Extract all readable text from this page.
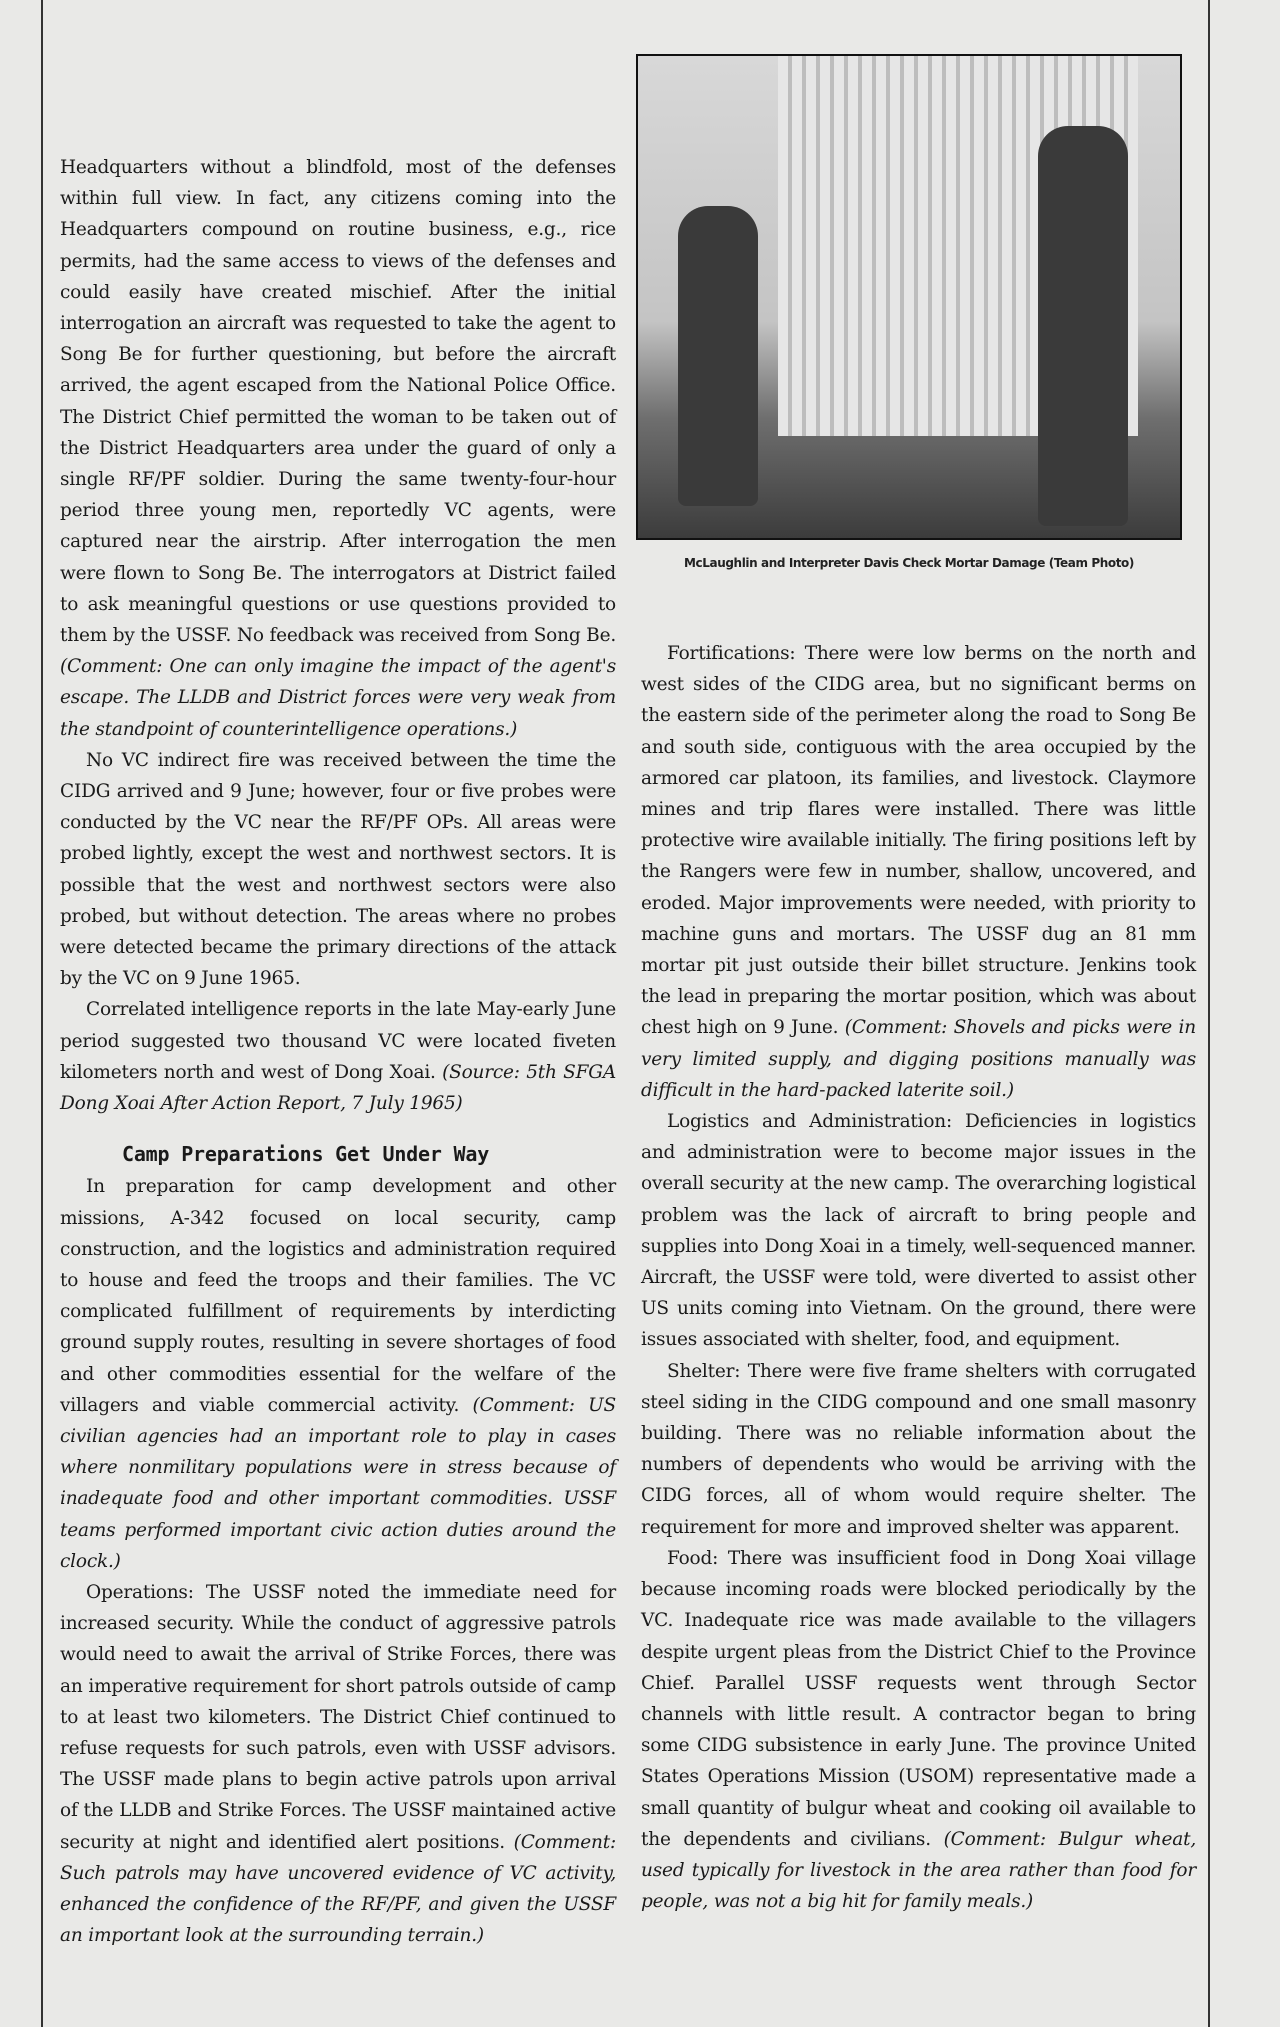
McLaughlin and Interpreter Davis Check Mortar Damage (Team Photo)

Headquarters without a blindfold, most of the defenses within full view. In fact, any citizens coming into the Headquarters compound on routine business, e.g., rice permits, had the same access to views of the defenses and could easily have created mischief. After the initial interrogation an aircraft was requested to take the agent to Song Be for further questioning, but before the aircraft arrived, the agent escaped from the National Police Office. The District Chief permitted the woman to be taken out of the District Headquarters area under the guard of only a single RF/PF soldier. During the same twenty-four-hour period three young men, reportedly VC agents, were captured near the airstrip. After interrogation the men were flown to Song Be. The interrogators at District failed to ask meaningful questions or use questions provided to them by the USSF. No feedback was received from Song Be. (Comment: One can only imagine the impact of the agent's escape. The LLDB and District forces were very weak from the standpoint of counterintelligence operations.)

No VC indirect fire was received between the time the CIDG arrived and 9 June; however, four or five probes were conducted by the VC near the RF/PF OPs. All areas were probed lightly, except the west and northwest sectors. It is possible that the west and northwest sectors were also probed, but without detection. The areas where no probes were detected became the primary directions of the attack by the VC on 9 June 1965.

Correlated intelligence reports in the late May-early June period suggested two thousand VC were located fiveten kilometers north and west of Dong Xoai. (Source: 5th SFGA Dong Xoai After Action Report, 7 July 1965)

Camp Preparations Get Under Way

In preparation for camp development and other missions, A-342 focused on local security, camp construction, and the logistics and administration required to house and feed the troops and their families. The VC complicated fulfillment of requirements by interdicting ground supply routes, resulting in severe shortages of food and other commodities essential for the welfare of the villagers and viable commercial activity. (Comment: US civilian agencies had an important role to play in cases where nonmilitary populations were in stress because of inadequate food and other important commodities. USSF teams performed important civic action duties around the clock.)

Operations: The USSF noted the immediate need for increased security. While the conduct of aggressive patrols would need to await the arrival of Strike Forces, there was an imperative requirement for short patrols outside of camp to at least two kilometers. The District Chief continued to refuse requests for such patrols, even with USSF advisors. The USSF made plans to begin active patrols upon arrival of the LLDB and Strike Forces. The USSF maintained active security at night and identified alert positions. (Comment: Such patrols may have uncovered evidence of VC activity, enhanced the confidence of the RF/PF, and given the USSF an important look at the surrounding terrain.)

Fortifications: There were low berms on the north and west sides of the CIDG area, but no significant berms on the eastern side of the perimeter along the road to Song Be and south side, contiguous with the area occupied by the armored car platoon, its families, and livestock. Claymore mines and trip flares were installed. There was little protective wire available initially. The firing positions left by the Rangers were few in number, shallow, uncovered, and eroded. Major improvements were needed, with priority to machine guns and mortars. The USSF dug an 81 mm mortar pit just outside their billet structure. Jenkins took the lead in preparing the mortar position, which was about chest high on 9 June. (Comment: Shovels and picks were in very limited supply, and digging positions manually was difficult in the hard-packed laterite soil.)

Logistics and Administration: Deficiencies in logistics and administration were to become major issues in the overall security at the new camp. The overarching logistical problem was the lack of aircraft to bring people and supplies into Dong Xoai in a timely, well-sequenced manner. Aircraft, the USSF were told, were diverted to assist other US units coming into Vietnam. On the ground, there were issues associated with shelter, food, and equipment.

Shelter: There were five frame shelters with corrugated steel siding in the CIDG compound and one small masonry building. There was no reliable information about the numbers of dependents who would be arriving with the CIDG forces, all of whom would require shelter. The requirement for more and improved shelter was apparent.

Food: There was insufficient food in Dong Xoai village because incoming roads were blocked periodically by the VC. Inadequate rice was made available to the villagers despite urgent pleas from the District Chief to the Province Chief. Parallel USSF requests went through Sector channels with little result. A contractor began to bring some CIDG subsistence in early June. The province United States Operations Mission (USOM) representative made a small quantity of bulgur wheat and cooking oil available to the dependents and civilians. (Comment: Bulgur wheat, used typically for livestock in the area rather than food for people, was not a big hit for family meals.)
